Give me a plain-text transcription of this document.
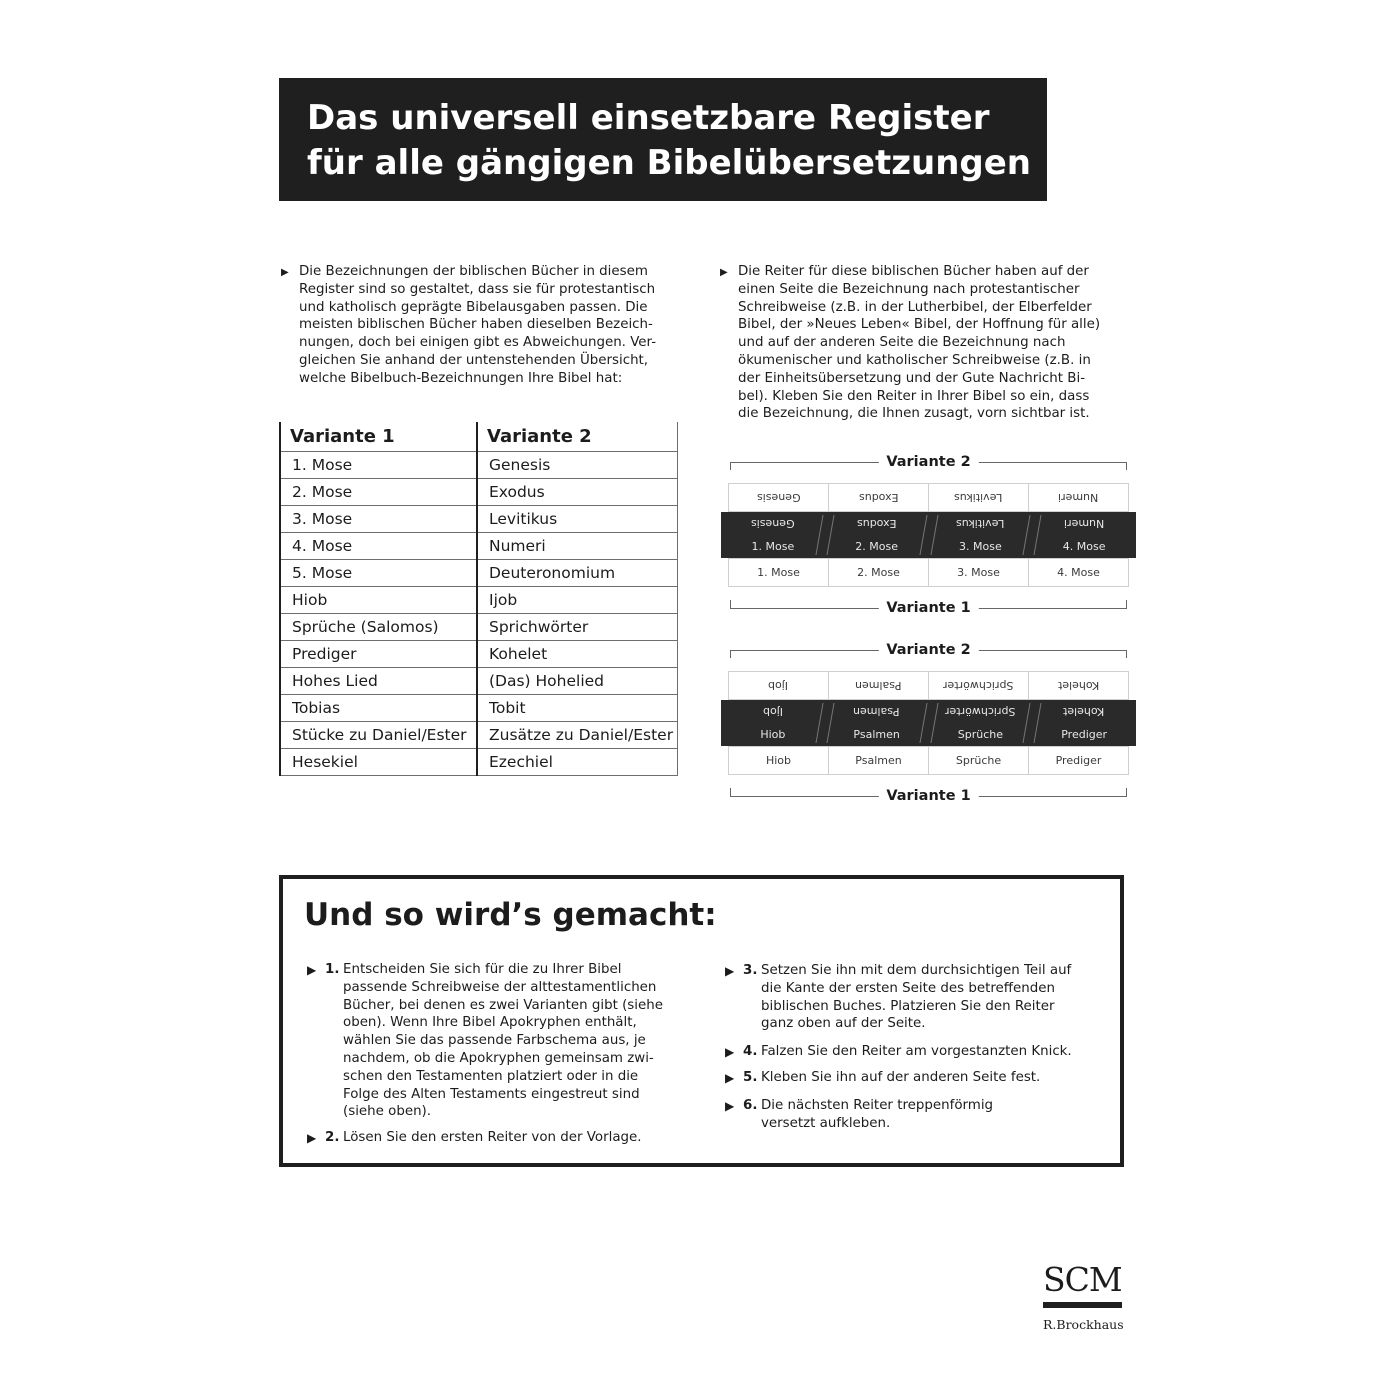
Das universell einsetzbare Register
für alle gängigen Bibelübersetzungen
▶ Die Bezeichnungen der biblischen Bücher in diesem
Register sind so gestaltet, dass sie für protestantisch
und katholisch geprägte Bibelausgaben passen. Die
meisten biblischen Bücher haben dieselben Bezeich-
nungen, doch bei einigen gibt es Abweichungen. Ver-
gleichen Sie anhand der untenstehenden Übersicht,
welche Bibelbuch-Bezeichnungen Ihre Bibel hat:
▶ Die Reiter für diese biblischen Bücher haben auf der
einen Seite die Bezeichnung nach protestantischer
Schreibweise (z.B. in der Lutherbibel, der Elberfelder
Bibel, der »Neues Leben« Bibel, der Hoffnung für alle)
und auf der anderen Seite die Bezeichnung nach
ökumenischer und katholischer Schreibweise (z.B. in
der Einheitsübersetzung und der Gute Nachricht Bi-
bel). Kleben Sie den Reiter in Ihrer Bibel so ein, dass
die Bezeichnung, die Ihnen zusagt, vorn sichtbar ist.
Variante 1	Variante 2
1. Mose	Genesis
2. Mose	Exodus
3. Mose	Levitikus
4. Mose	Numeri
5. Mose	Deuteronomium
Hiob	Ijob
Sprüche (Salomos)	Sprichwörter
Prediger	Kohelet
Hohes Lied	(Das) Hohelied
Tobias	Tobit
Stücke zu Daniel/Ester	Zusätze zu Daniel/Ester
Hesekiel	Ezechiel
Variante 2
Genesis	Exodus	Levitikus	Numeri
Genesis
1. Mose
Exodus
2. Mose
Levitikus
3. Mose
Numeri
4. Mose
1. Mose	2. Mose	3. Mose	4. Mose
Variante 1
Variante 2
Ijob	Psalmen	Sprichwörter	Kohelet
Ijob
Hiob
Psalmen
Psalmen
Sprichwörter
Sprüche
Kohelet
Prediger
Hiob	Psalmen	Sprüche	Prediger
Variante 1
Und so wird’s gemacht:
▶ 1. Entscheiden Sie sich für die zu Ihrer Bibel
passende Schreibweise der alttestamentlichen
Bücher, bei denen es zwei Varianten gibt (siehe
oben). Wenn Ihre Bibel Apokryphen enthält,
wählen Sie das passende Farbschema aus, je
nachdem, ob die Apokryphen gemeinsam zwi-
schen den Testamenten platziert oder in die
Folge des Alten Testaments eingestreut sind
(siehe oben).
▶ 2. Lösen Sie den ersten Reiter von der Vorlage.
▶ 3. Setzen Sie ihn mit dem durchsichtigen Teil auf
die Kante der ersten Seite des betreffenden
biblischen Buches. Platzieren Sie den Reiter
ganz oben auf der Seite.
▶ 4. Falzen Sie den Reiter am vorgestanzten Knick.
▶ 5. Kleben Sie ihn auf der anderen Seite fest.
▶ 6. Die nächsten Reiter treppenförmig
versetzt aufkleben.
SCM
R.Brockhaus
